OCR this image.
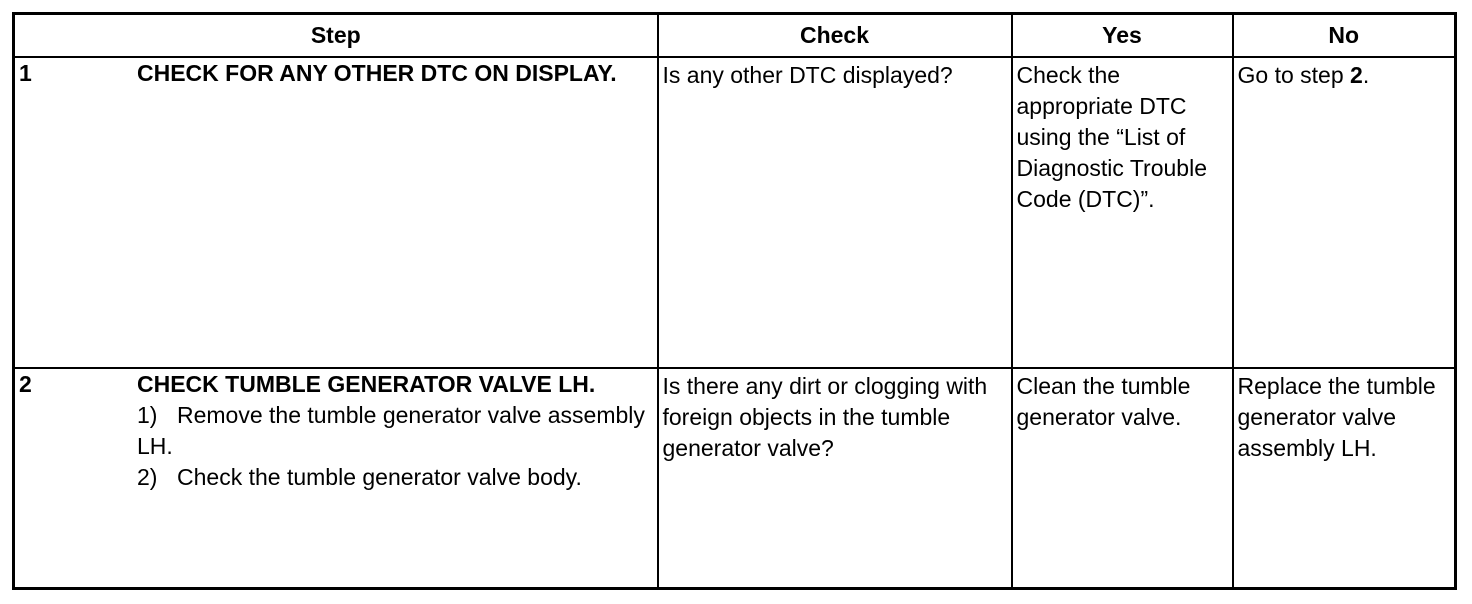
Step	Check	Yes	No

1 CHECK FOR ANY OTHER DTC ON DISPLAY.	Is any other DTC displayed?	Check the appropriate DTC using the “List of Diagnostic Trouble Code (DTC)”.	Go to step 2.

2 CHECK TUMBLE GENERATOR VALVE LH.
1) Remove the tumble generator valve assembly LH.
2) Check the tumble generator valve body.	Is there any dirt or clogging with foreign objects in the tumble generator valve?	Clean the tumble generator valve.	Replace the tumble generator valve assembly LH.
